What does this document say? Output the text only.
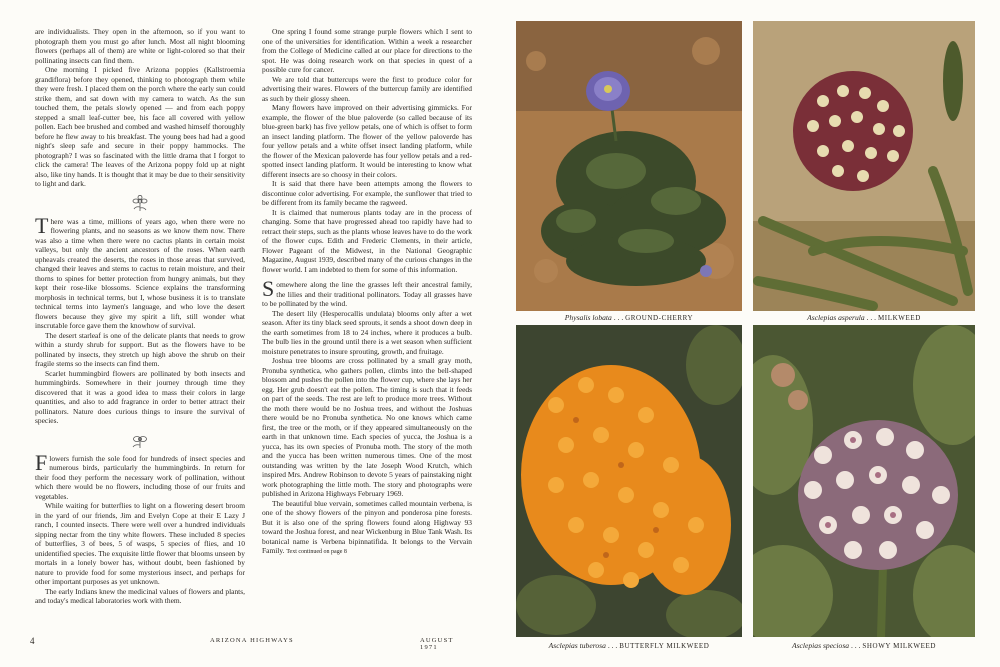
are individualists. They open in the afternoon, so if you want to photograph them you must go after lunch. Most all night blooming flowers (perhaps all of them) are white or light-colored so that their pollinating insects can find them.

One morning I picked five Arizona poppies (Kallstroemia grandiflora) before they opened, thinking to photograph them while they were fresh. I placed them on the porch where the early sun could strike them, and sat down with my camera to watch. As the sun touched them, the petals slowly opened — and from each poppy stepped a small leaf-cutter bee, his face all covered with yellow pollen. Each bee brushed and combed and washed himself thoroughly before he flew away to his breakfast. The young bees had had a good night's sleep safe and secure in their poppy hammocks. The photograph? I was so fascinated with the little drama that I forgot to click the camera! The leaves of the Arizona poppy fold up at night also, like tiny hands. It is thought that it may be due to their sensitivity to light and dark.

There was a time, millions of years ago, when there were no flowering plants, and no seasons as we know them now. There was also a time when there were no cactus plants in certain moist valleys, but only the ancient ancestors of the roses. When earth upheavals created the deserts, the roses in those areas that survived, changed their leaves and stems to cactus to retain moisture, and their thorns to spines for better protection from hungry animals, but they kept their rose-like blossoms. Science explains the transforming morphosis in technical terms, but I, whose business it is to translate technical terms into laymen's language, and who love the desert flowers because they give my spirit a lift, still wonder what inscrutable force gave them the knowhow of survival.

The desert starleaf is one of the delicate plants that needs to grow within a sturdy shrub for support. But as the flowers have to be pollinated by insects, they stretch up high above the shrub on their fragile stems so the insects can find them.

Scarlet hummingbird flowers are pollinated by both insects and hummingbirds. Somewhere in their journey through time they discovered that it was a good idea to mass their colors in large quantities, and also to add fragrance in order to better attract their pollinators. Nature does curious things to insure the survival of species.

Flowers furnish the sole food for hundreds of insect species and numerous birds, particularly the hummingbirds. In return for their food they perform the necessary work of pollination, without which there would be no flowers, including those of our fruits and vegetables.

While waiting for butterflies to light on a flowering desert broom in the yard of our friends, Jim and Evelyn Cope at their E Lazy J ranch, I counted insects. There were well over a hundred individuals sipping nectar from the tiny white flowers. These included 8 species of butterflies, 3 of bees, 5 of wasps, 5 species of flies, and 10 unidentified species. The exquisite little flower that blooms unseen by mortals in a lonely bower has, without doubt, been fashioned by nature to provide food for some mysterious insect, and perhaps for other important purposes as yet unknown.

The early Indians knew the medicinal values of flowers and plants, and today's medical laboratories work with them.

One spring I found some strange purple flowers which I sent to one of the universities for identification. Within a week a researcher from the College of Medicine called at our place for directions to the spot. He was doing research work on that species in quest of a possible cure for cancer.

We are told that buttercups were the first to produce color for advertising their wares. Flowers of the buttercup family are identified as such by their glossy sheen.

Many flowers have improved on their advertising gimmicks. For example, the flower of the blue paloverde (so called because of its blue-green bark) has five yellow petals, one of which is offset to form an insect landing platform. The flower of the yellow paloverde has four yellow petals and a white offset insect landing platform, while the flower of the Mexican paloverde has four yellow petals and a red-spotted insect landing platform. It would be interesting to know what different insects are so choosy in their colors.

It is said that there have been attempts among the flowers to discontinue color advertising. For example, the sunflower that tried to be different from its family became the ragweed.

It is claimed that numerous plants today are in the process of changing. Some that have progressed ahead too rapidly have had to retract their steps, such as the plants whose leaves have to do the work of the flower cups. Edith and Frederic Clements, in their article, Flower Pageant of the Midwest, in the National Geographic Magazine, August 1939, described many of the curious changes in the flower world. I am indebted to them for some of this information.

Somewhere along the line the grasses left their ancestral family, the lilies and their traditional pollinators. Today all grasses have to be pollinated by the wind.

The desert lily (Hesperocallis undulata) blooms only after a wet season. After its tiny black seed sprouts, it sends a shoot down deep in the earth sometimes from 18 to 24 inches, where it produces a bulb. The bulb lies in the ground until there is a wet season when sufficient moisture penetrates to insure sprouting, growth, and fruitage.

Joshua tree blooms are cross pollinated by a small gray moth, Pronuba synthetica, who gathers pollen, climbs into the bell-shaped blossom and pushes the pollen into the flower cup, where she lays her egg. Her grub doesn't eat the pollen. The timing is such that it feeds on part of the seeds. The rest are left to produce more trees. Without the moth there would be no Joshua trees, and without the Joshuas there would be no Pronuba synthetica. No one knows which came first, the tree or the moth, or if they appeared simultaneously on the earth in that unknown time. Each species of yucca, the Joshua is a yucca, has its own species of Pronuba moth. The story of the moth and the yucca has been written numerous times. One of the most outstanding was written by the late Joseph Wood Krutch, which inspired Mrs. Andrew Robinson to devote 5 years of painstaking night work photographing the little moth. The story and photographs were published in Arizona Highways February 1969.

The beautiful blue vervain, sometimes called mountain verbena, is one of the showy flowers of the pinyon and ponderosa pine forests. But it is also one of the spring flowers found along Highway 93 toward the Joshua forest, and near Wickenburg in Blue Tank Wash. Its botanical name is Verbena bipinnatifida. It belongs to the Vervain Family. Text continued on page 8

4	ARIZONA HIGHWAYS	AUGUST 1971
Physalis lobata . . . GROUND-CHERRY	Asclepias asperula . . . MILKWEED
Asclepias tuberosa . . . BUTTERFLY MILKWEED	Asclepias speciosa . . . SHOWY MILKWEED
